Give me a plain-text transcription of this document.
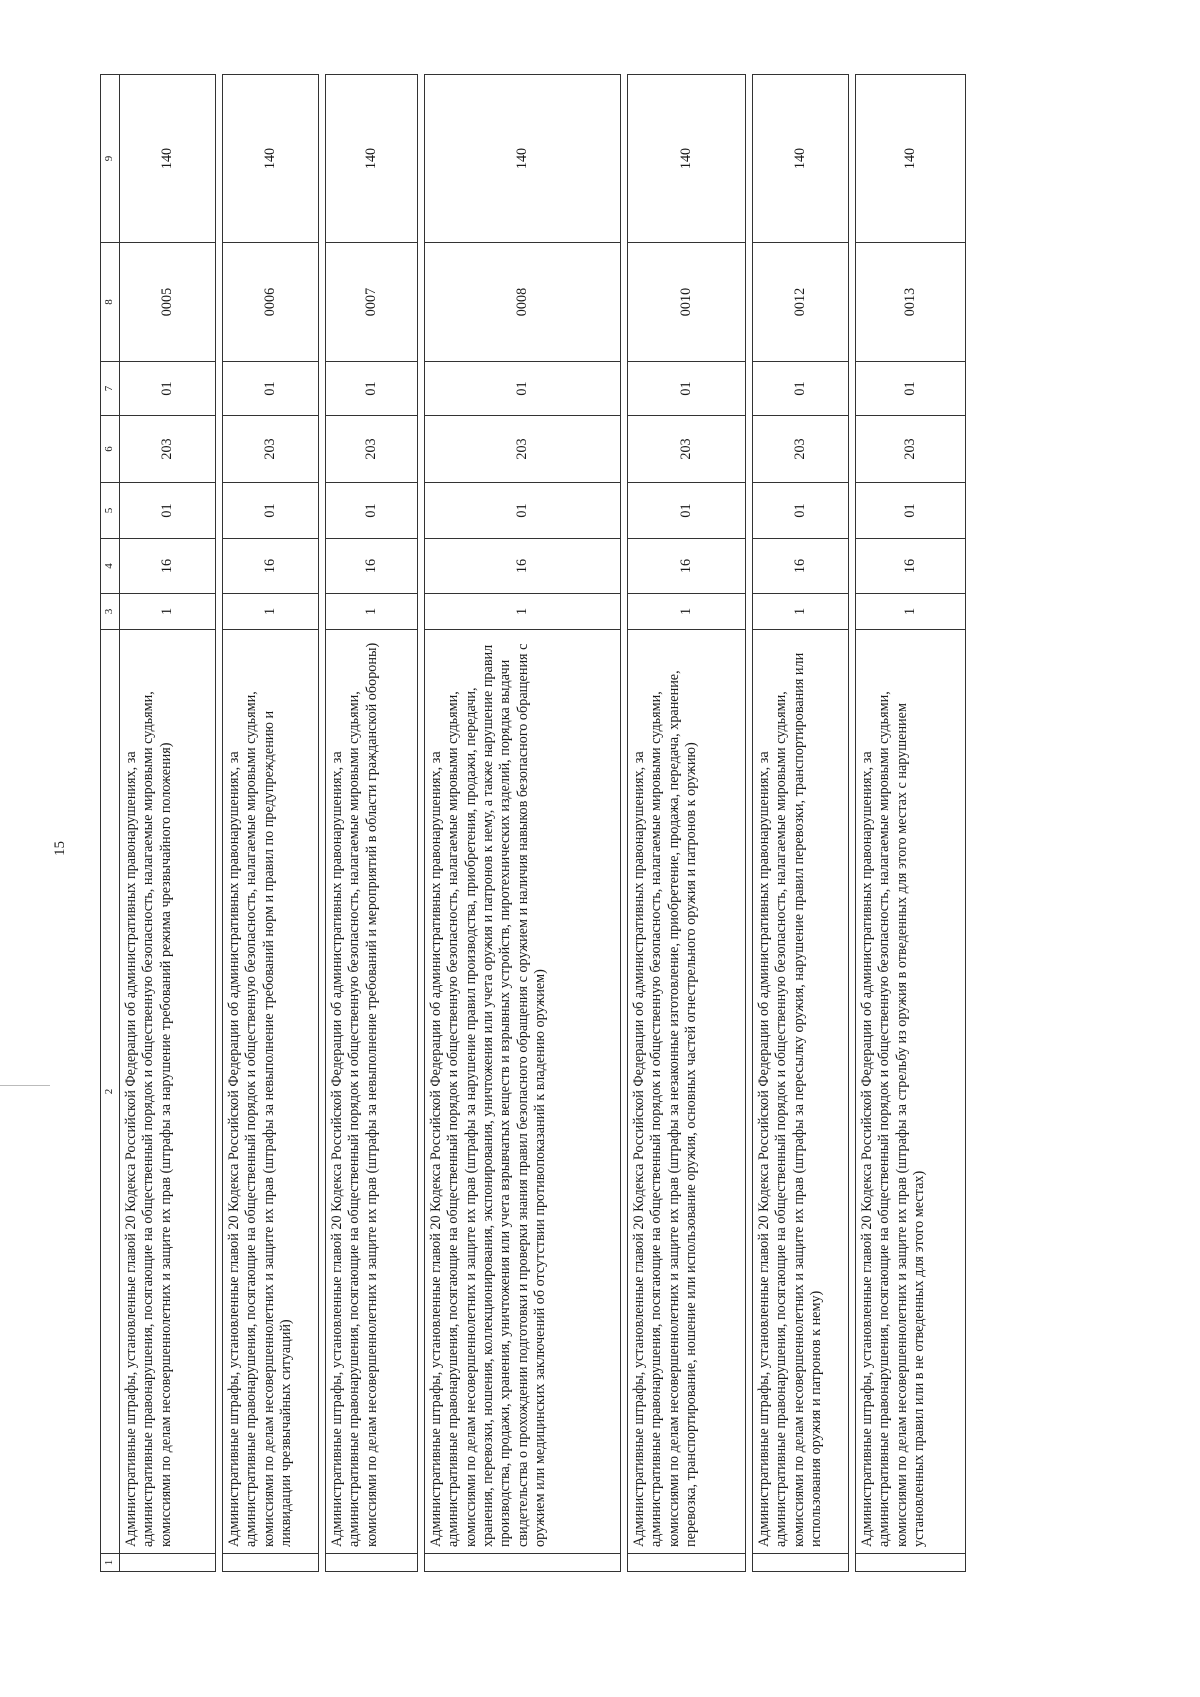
15
1	2	3	4	5	6	7	8	9
	Административные штрафы, установленные главой 20 Кодекса Российской Федерации об административных правонарушениях, за административные правонарушения, посягающие на общественный порядок и общественную безопасность, налагаемые мировыми судьями, комиссиями по делам несовершеннолетних и защите их прав (штрафы за нарушение требований режима чрезвычайного положения)	1	16	01	203	01	0005	140

	Административные штрафы, установленные главой 20 Кодекса Российской Федерации об административных правонарушениях, за административные правонарушения, посягающие на общественный порядок и общественную безопасность, налагаемые мировыми судьями, комиссиями по делам несовершеннолетних и защите их прав (штрафы за невыполнение требований норм и правил по предупреждению и ликвидации чрезвычайных ситуаций)	1	16	01	203	01	0006	140

	Административные штрафы, установленные главой 20 Кодекса Российской Федерации об административных правонарушениях, за административные правонарушения, посягающие на общественный порядок и общественную безопасность, налагаемые мировыми судьями, комиссиями по делам несовершеннолетних и защите их прав (штрафы за невыполнение требований и мероприятий в области гражданской обороны)	1	16	01	203	01	0007	140

	Административные штрафы, установленные главой 20 Кодекса Российской Федерации об административных правонарушениях, за административные правонарушения, посягающие на общественный порядок и общественную безопасность, налагаемые мировыми судьями, комиссиями по делам несовершеннолетних и защите их прав (штрафы за нарушение правил производства, приобретения, продажи, передачи, хранения, перевозки, ношения, коллекционирования, экспонирования, уничтожения или учета оружия и патронов к нему, а также нарушение правил производства, продажи, хранения, уничтожения или учета взрывчатых веществ и взрывных устройств, пиротехнических изделий, порядка выдачи свидетельства о прохождении подготовки и проверки знания правил безопасного обращения с оружием и наличия навыков безопасного обращения с оружием или медицинских заключений об отсутствии противопоказаний к владению оружием)	1	16	01	203	01	0008	140

	Административные штрафы, установленные главой 20 Кодекса Российской Федерации об административных правонарушениях, за административные правонарушения, посягающие на общественный порядок и общественную безопасность, налагаемые мировыми судьями, комиссиями по делам несовершеннолетних и защите их прав (штрафы за незаконные изготовление, приобретение, продажа, передача, хранение, перевозка, транспортирование, ношение или использование оружия, основных частей огнестрельного оружия и патронов к оружию)	1	16	01	203	01	0010	140

	Административные штрафы, установленные главой 20 Кодекса Российской Федерации об административных правонарушениях, за административные правонарушения, посягающие на общественный порядок и общественную безопасность, налагаемые мировыми судьями, комиссиями по делам несовершеннолетних и защите их прав (штрафы за пересылку оружия, нарушение правил перевозки, транспортирования или использования оружия и патронов к нему)	1	16	01	203	01	0012	140

	Административные штрафы, установленные главой 20 Кодекса Российской Федерации об административных правонарушениях, за административные правонарушения, посягающие на общественный порядок и общественную безопасность, налагаемые мировыми судьями, комиссиями по делам несовершеннолетних и защите их прав (штрафы за стрельбу из оружия в отведенных для этого местах с нарушением установленных правил или в не отведенных для этого местах)	1	16	01	203	01	0013	140
